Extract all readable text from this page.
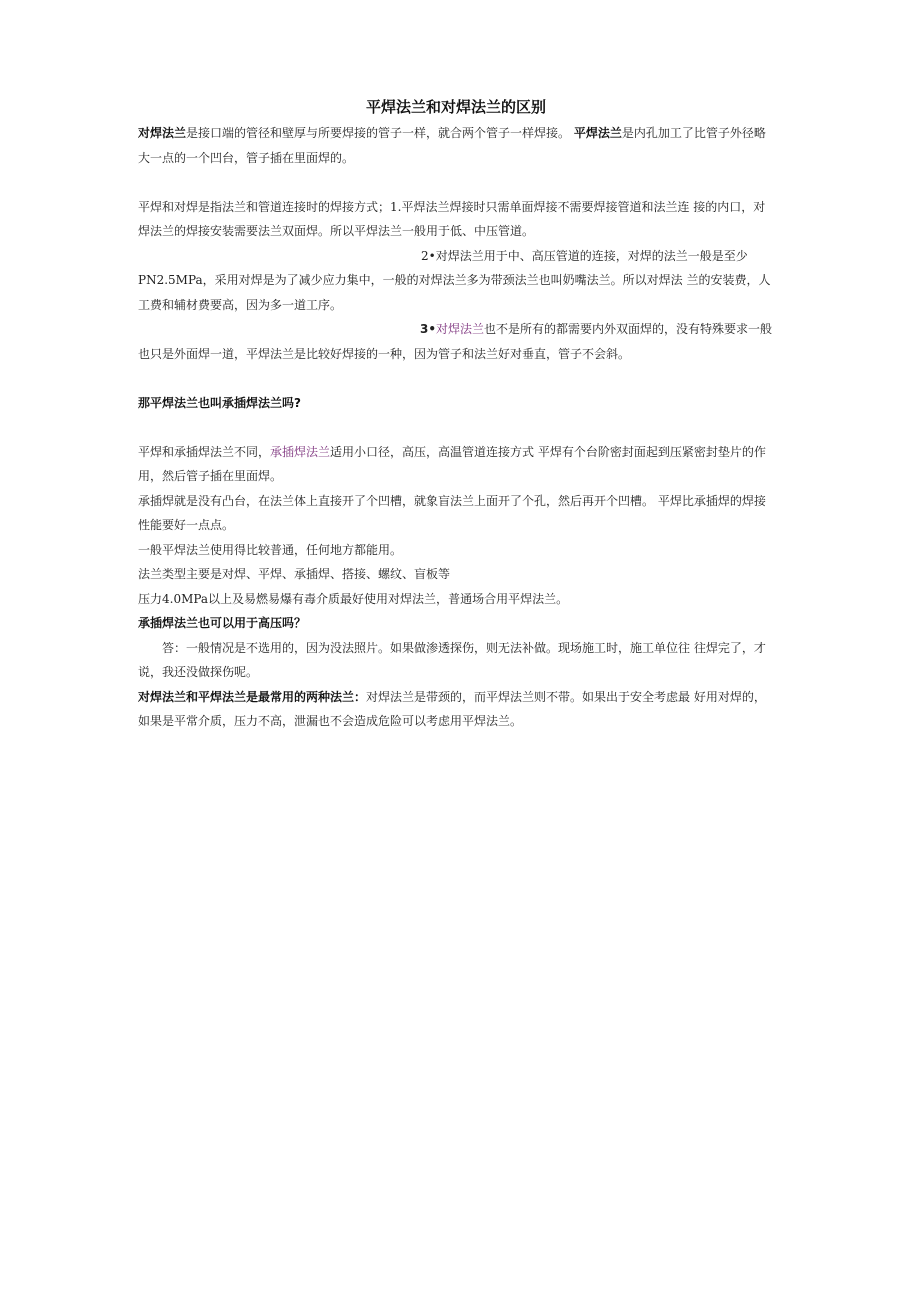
平焊法兰和对焊法兰的区别

对焊法兰是接口端的管径和壁厚与所要焊接的管子一样，就合两个管子一样焊接。 平焊法兰是内孔加工了比管子外径略大一点的一个凹台，管子插在里面焊的。

平焊和对焊是指法兰和管道连接时的焊接方式；1.平焊法兰焊接时只需单面焊接不需要焊接管道和法兰连 接的内口，对焊法兰的焊接安装需要法兰双面焊。所以平焊法兰一般用于低、中压管道。

2•对焊法兰用于中、高压管道的连接，对焊的法兰一般是至少PN2.5MPa，采用对焊是为了减少应力集中，一般的对焊法兰多为带颈法兰也叫奶嘴法兰。所以对焊法 兰的安装费，人工费和辅材费要高，因为多一道工序。

3•对焊法兰也不是所有的都需要内外双面焊的，没有特殊要求一般也只是外面焊一道，平焊法兰是比较好焊接的一种，因为管子和法兰好对垂直，管子不会斜。

那平焊法兰也叫承插焊法兰吗?

平焊和承插焊法兰不同，承插焊法兰适用小口径，高压，高温管道连接方式 平焊有个台阶密封面起到压紧密封垫片的作用，然后管子插在里面焊。

承插焊就是没有凸台，在法兰体上直接开了个凹槽，就象盲法兰上面开了个孔，然后再开个凹槽。 平焊比承插焊的焊接性能要好一点点。

一般平焊法兰使用得比较普通，任何地方都能用。

法兰类型主要是对焊、平焊、承插焊、搭接、螺纹、盲板等

压力4.0MPa以上及易燃易爆有毒介质最好使用对焊法兰，普通场合用平焊法兰。

承插焊法兰也可以用于高压吗？

答：一般情况是不选用的，因为没法照片。如果做渗透探伤，则无法补做。现场施工时，施工单位往 往焊完了，才说，我还没做探伤呢。

对焊法兰和平焊法兰是最常用的两种法兰：对焊法兰是带颈的，而平焊法兰则不带。如果出于安全考虑最 好用对焊的，如果是平常介质，压力不高，泄漏也不会造成危险可以考虑用平焊法兰。
